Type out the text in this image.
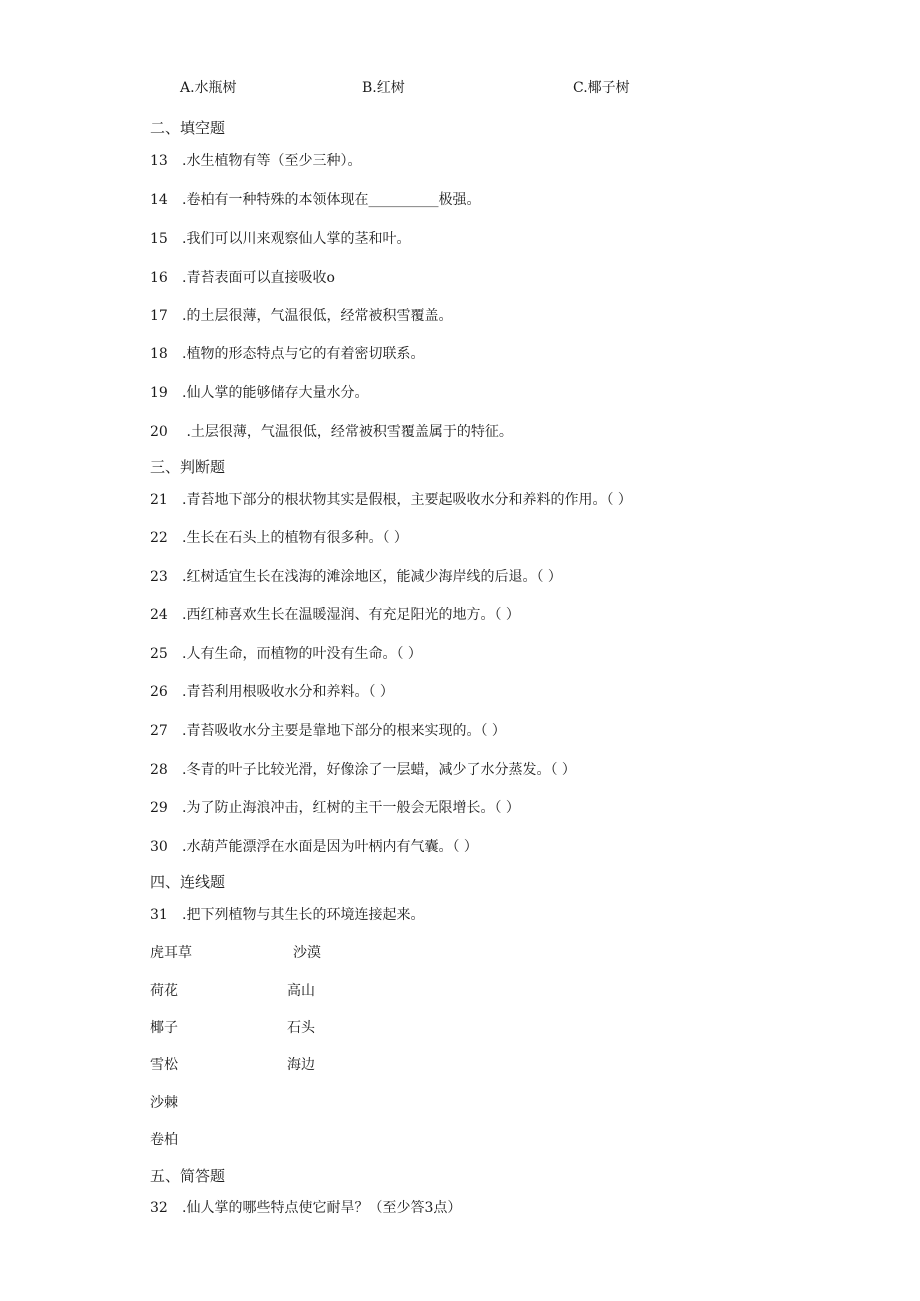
A.水瓶树	B.红树	C.椰子树
二、填空题
13 .水生植物有等（至少三种）。
14 .卷柏有一种特殊的本领体现在__________极强。
15 .我们可以川来观察仙人掌的茎和叶。
16 .青苔表面可以直接吸收o
17 .的土层很薄，气温很低，经常被积雪覆盖。
18 .植物的形态特点与它的有着密切联系。
19 .仙人掌的能够储存大量水分。
20 .土层很薄，气温很低，经常被积雪覆盖属于的特征。
三、判断题
21 .青苔地下部分的根状物其实是假根，主要起吸收水分和养料的作用。（ ）
22 .生长在石头上的植物有很多种。（ ）
23 .红树适宜生长在浅海的滩涂地区，能减少海岸线的后退。（ ）
24 .西红柿喜欢生长在温暖湿润、有充足阳光的地方。（ ）
25 .人有生命，而植物的叶没有生命。（ ）
26 .青苔利用根吸收水分和养料。（ ）
27 .青苔吸收水分主要是靠地下部分的根来实现的。（ ）
28 .冬青的叶子比较光滑，好像涂了一层蜡，减少了水分蒸发。（ ）
29 .为了防止海浪冲击，红树的主干一般会无限增长。（ ）
30 .水葫芦能漂浮在水面是因为叶柄内有气囊。（ ）
四、连线题
31 .把下列植物与其生长的环境连接起来。
虎耳草
荷花
椰子
雪松
沙棘
卷柏
沙漠
高山
石头
海边
五、简答题
32 .仙人掌的哪些特点使它耐旱？（至少答3点）
